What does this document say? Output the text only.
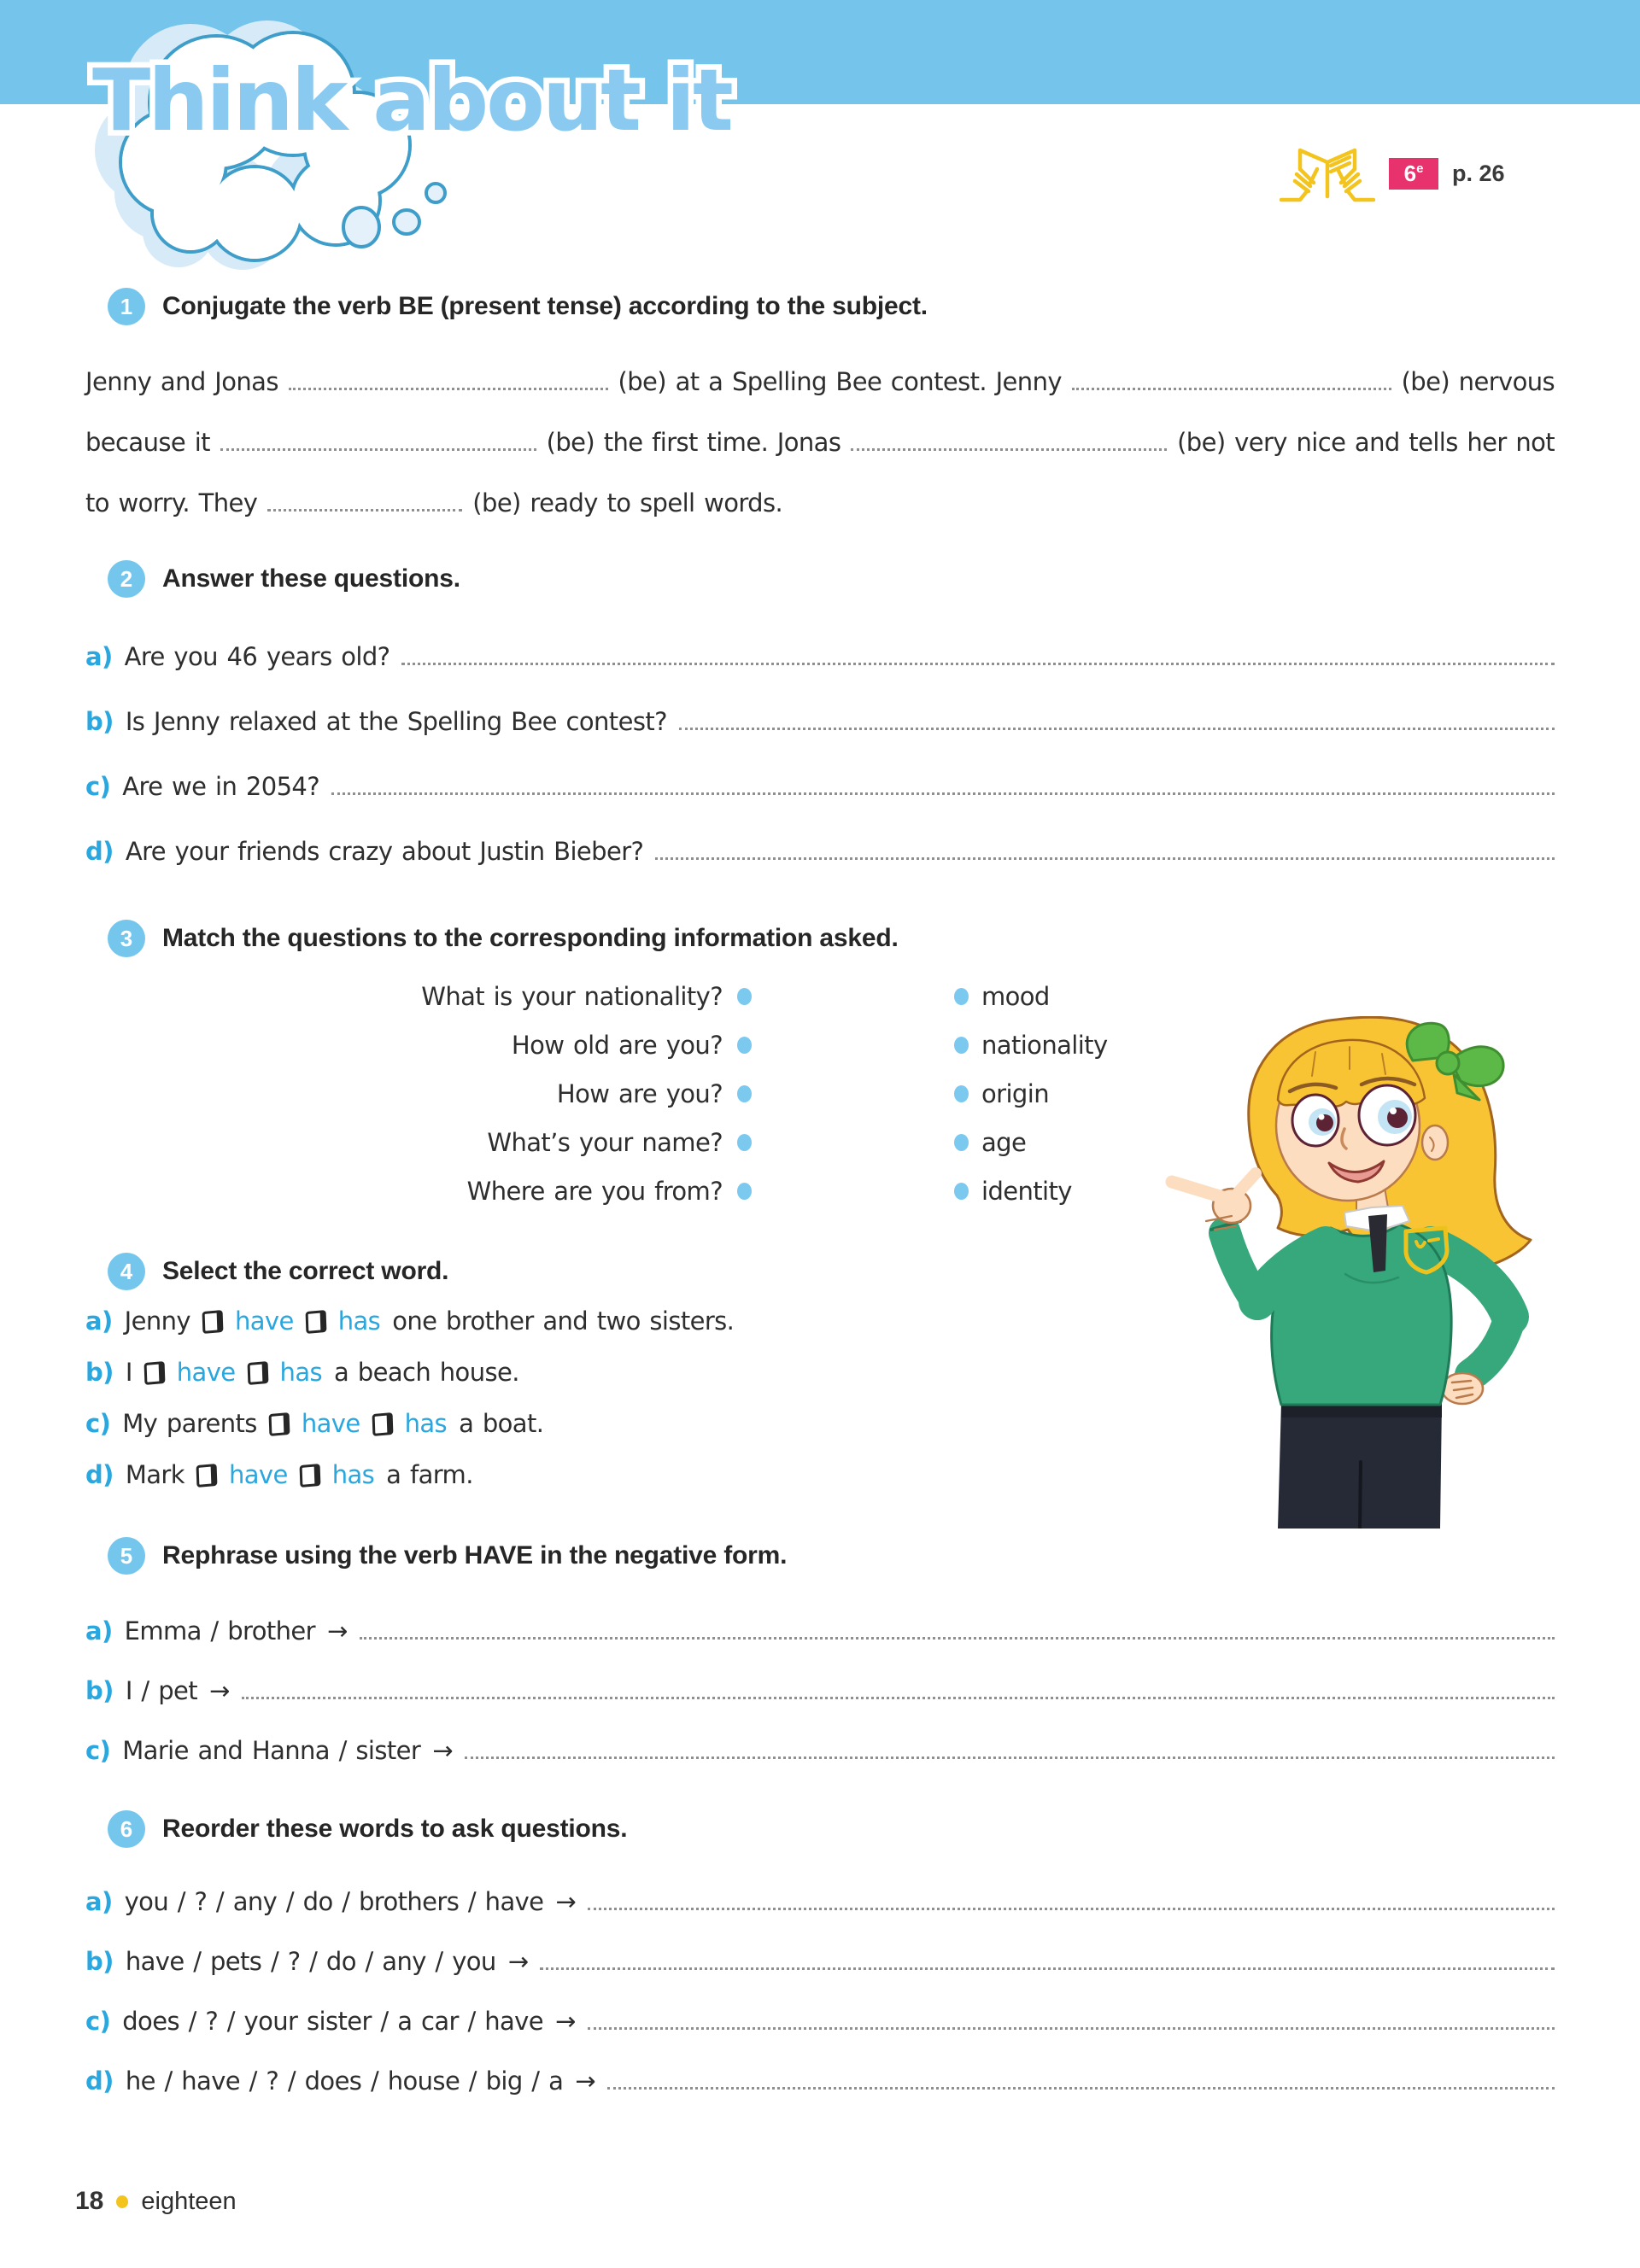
Think about it
6e p. 26
1	Conjugate the verb BE (present tense) according to the subject.
Jenny and Jonas	(be) at a Spelling Bee contest. Jenny	(be) nervous
because it	(be) the first time. Jonas	(be) very nice and tells her not
to worry. They	(be) ready to spell words.
2	Answer these questions.
a) Are you 46 years old?
b) Is Jenny relaxed at the Spelling Bee contest?
c) Are we in 2054?
d) Are your friends crazy about Justin Bieber?
3	Match the questions to the corresponding information asked.
What is your nationality?	mood
How old are you?	nationality
How are you?	origin
What’s your name?	age
Where are you from?	identity
4	Select the correct word.
a) Jenny have has one brother and two sisters.
b) I have has a beach house.
c) My parents have has a boat.
d) Mark have has a farm.
5	Rephrase using the verb HAVE in the negative form.
a) Emma / brother →
b) I / pet →
c) Marie and Hanna / sister →
6	Reorder these words to ask questions.
a) you / ? / any / do / brothers / have →
b) have / pets / ? / do / any / you →
c) does / ? / your sister / a car / have →
d) he / have / ? / does / house / big / a →
18 eighteen
